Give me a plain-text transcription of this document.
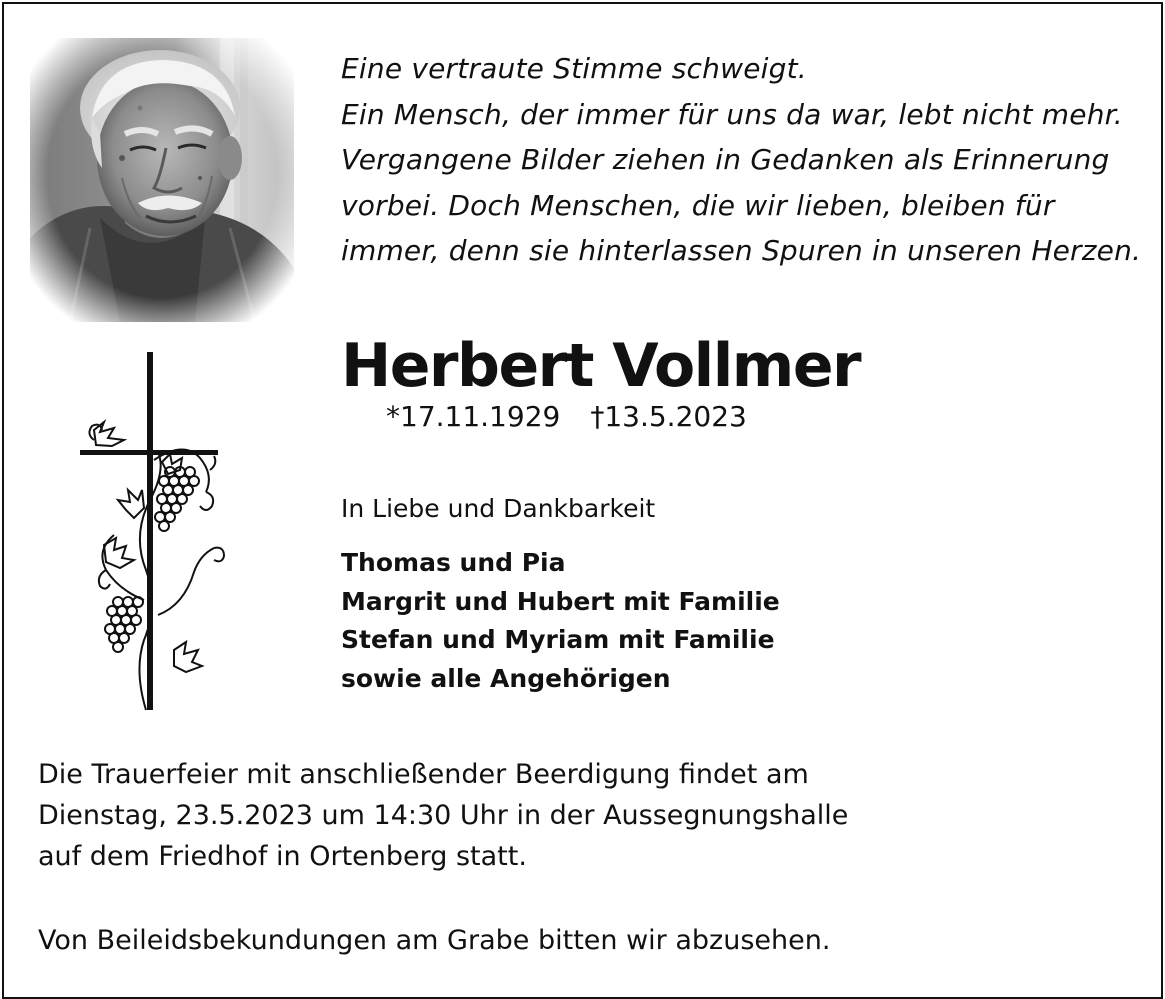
Eine vertraute Stimme schweigt.
Ein Mensch, der immer für uns da war, lebt nicht mehr.
Vergangene Bilder ziehen in Gedanken als Erinnerung
vorbei. Doch Menschen, die wir lieben, bleiben für
immer, denn sie hinterlassen Spuren in unseren Herzen.
Herbert Vollmer
*17.11.1929 †13.5.2023
In Liebe und Dankbarkeit
Thomas und Pia
Margrit und Hubert mit Familie
Stefan und Myriam mit Familie
sowie alle Angehörigen
Die Trauerfeier mit anschließender Beerdigung findet am
Dienstag, 23.5.2023 um 14:30 Uhr in der Aussegnungshalle
auf dem Friedhof in Ortenberg statt.
Von Beileidsbekundungen am Grabe bitten wir abzusehen.
